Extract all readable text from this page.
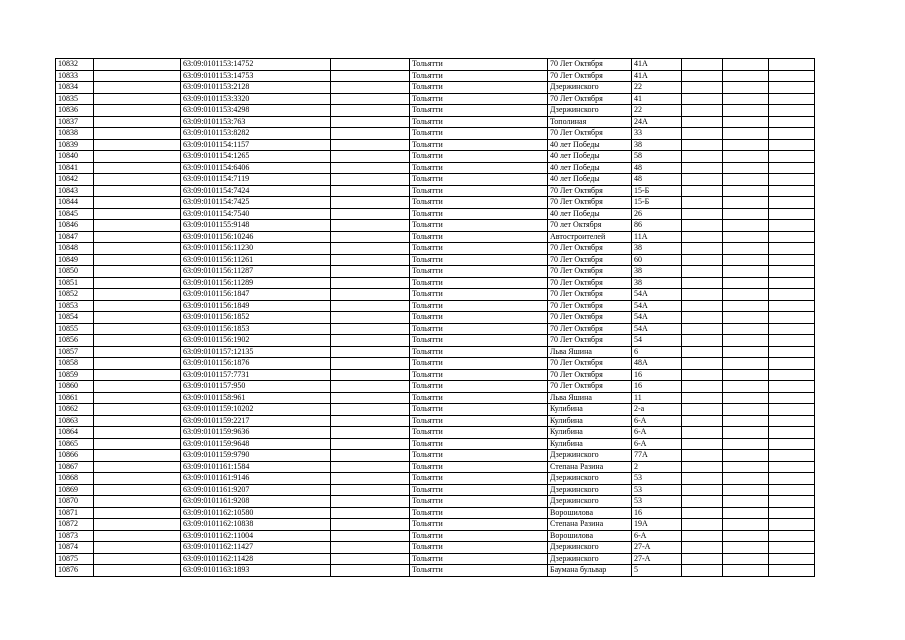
10832		63:09:0101153:14752		Тольятти	70 Лет Октября	41А			
10833		63:09:0101153:14753		Тольятти	70 Лет Октября	41А			
10834		63:09:0101153:2128		Тольятти	Дзержинского	22			
10835		63:09:0101153:3320		Тольятти	70 Лет Октября	41			
10836		63:09:0101153:4298		Тольятти	Дзержинского	22			
10837		63:09:0101153:763		Тольятти	Тополиная	24А			
10838		63:09:0101153:8282		Тольятти	70 Лет Октября	33			
10839		63:09:0101154:1157		Тольятти	40 лет Победы	38			
10840		63:09:0101154:1265		Тольятти	40 лет Победы	58			
10841		63:09:0101154:6406		Тольятти	40 лет Победы	48			
10842		63:09:0101154:7119		Тольятти	40 лет Победы	48			
10843		63:09:0101154:7424		Тольятти	70 Лет Октября	15-Б			
10844		63:09:0101154:7425		Тольятти	70 Лет Октября	15-Б			
10845		63:09:0101154:7540		Тольятти	40 лет Победы	26			
10846		63:09:0101155:9148		Тольятти	70 лет Октября	86			
10847		63:09:0101156:10246		Тольятти	Автостроителей	11А			
10848		63:09:0101156:11230		Тольятти	70 Лет Октября	38			
10849		63:09:0101156:11261		Тольятти	70 Лет Октября	60			
10850		63:09:0101156:11287		Тольятти	70 Лет Октября	38			
10851		63:09:0101156:11289		Тольятти	70 Лет Октября	38			
10852		63:09:0101156:1847		Тольятти	70 Лет Октября	54А			
10853		63:09:0101156:1849		Тольятти	70 Лет Октября	54А			
10854		63:09:0101156:1852		Тольятти	70 Лет Октября	54А			
10855		63:09:0101156:1853		Тольятти	70 Лет Октября	54А			
10856		63:09:0101156:1902		Тольятти	70 Лет Октября	54			
10857		63:09:0101157:12135		Тольятти	Льва Яшина	6			
10858		63:09:0101156:1876		Тольятти	70 Лет Октября	48А			
10859		63:09:0101157:7731		Тольятти	70 Лет Октября	16			
10860		63:09:0101157:950		Тольятти	70 Лет Октября	16			
10861		63:09:0101158:961		Тольятти	Льва Яшина	11			
10862		63:09:0101159:10202		Тольятти	Кулибина	2-а			
10863		63:09:0101159:2217		Тольятти	Кулибина	6-А			
10864		63:09:0101159:9636		Тольятти	Кулибина	6-А			
10865		63:09:0101159:9648		Тольятти	Кулибина	6-А			
10866		63:09:0101159:9790		Тольятти	Дзержинского	77А			
10867		63:09:0101161:1584		Тольятти	Степана Разина	2			
10868		63:09:0101161:9146		Тольятти	Дзержинского	53			
10869		63:09:0101161:9207		Тольятти	Дзержинского	53			
10870		63:09:0101161:9208		Тольятти	Дзержинского	53			
10871		63:09:0101162:10580		Тольятти	Ворошилова	16			
10872		63:09:0101162:10838		Тольятти	Степана Разина	19А			
10873		63:09:0101162:11004		Тольятти	Ворошилова	6-А			
10874		63:09:0101162:11427		Тольятти	Дзержинского	27-А			
10875		63:09:0101162:11428		Тольятти	Дзержинского	27-А			
10876		63:09:0101163:1893		Тольятти	Баумана бульвар	5			
